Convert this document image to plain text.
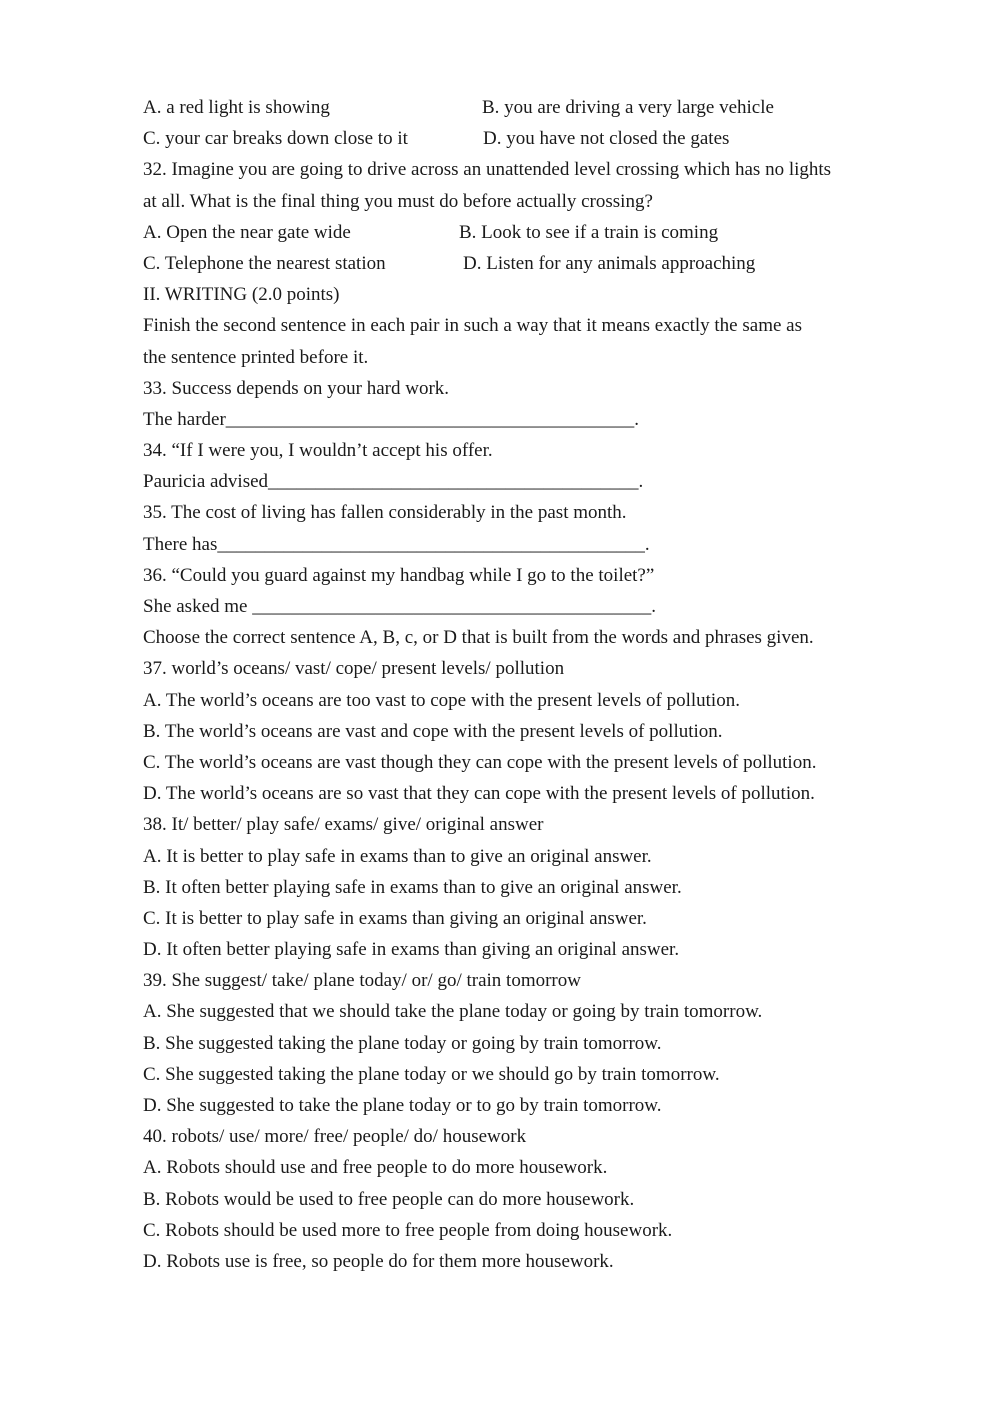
A. a red light is showing	B. you are driving a very large vehicle
C. your car breaks down close to it	D. you have not closed the gates
32. Imagine you are going to drive across an unattended level crossing which has no lights
at all. What is the final thing you must do before actually crossing?
A. Open the near gate wide	B. Look to see if a train is coming
C. Telephone the nearest station	D. Listen for any animals approaching
II. WRITING (2.0 points)
Finish the second sentence in each pair in such a way that it means exactly the same as
the sentence printed before it.
33. Success depends on your hard work.
The harder___________________________________________.
34. “If I were you, I wouldn’t accept his offer.
Pauricia advised_______________________________________.
35. The cost of living has fallen considerably in the past month.
There has_____________________________________________.
36. “Could you guard against my handbag while I go to the toilet?”
She asked me __________________________________________.
Choose the correct sentence A, B, c, or D that is built from the words and phrases given.
37. world’s oceans/ vast/ cope/ present levels/ pollution
A. The world’s oceans are too vast to cope with the present levels of pollution.
B. The world’s oceans are vast and cope with the present levels of pollution.
C. The world’s oceans are vast though they can cope with the present levels of pollution.
D. The world’s oceans are so vast that they can cope with the present levels of pollution.
38. It/ better/ play safe/ exams/ give/ original answer
A. It is better to play safe in exams than to give an original answer.
B. It often better playing safe in exams than to give an original answer.
C. It is better to play safe in exams than giving an original answer.
D. It often better playing safe in exams than giving an original answer.
39. She suggest/ take/ plane today/ or/ go/ train tomorrow
A. She suggested that we should take the plane today or going by train tomorrow.
B. She suggested taking the plane today or going by train tomorrow.
C. She suggested taking the plane today or we should go by train tomorrow.
D. She suggested to take the plane today or to go by train tomorrow.
40. robots/ use/ more/ free/ people/ do/ housework
A. Robots should use and free people to do more housework.
B. Robots would be used to free people can do more housework.
C. Robots should be used more to free people from doing housework.
D. Robots use is free, so people do for them more housework.
